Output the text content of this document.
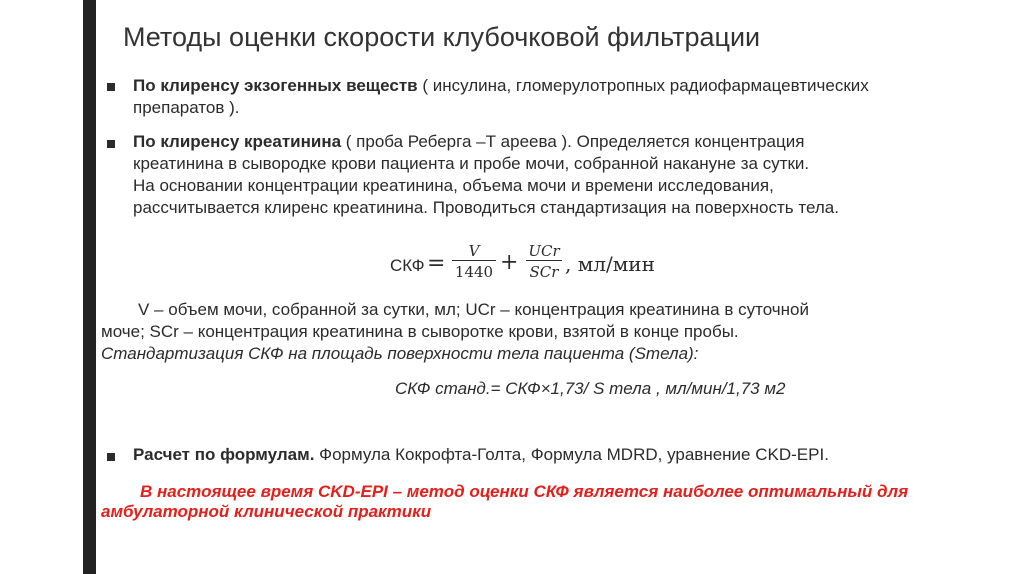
Методы оценки скорости клубочковой фильтрации
По клиренсу экзогенных веществ ( инсулина, гломерулотропных радиофармацевтических
препаратов ).
По клиренсу креатинина ( проба Реберга –Т ареева ). Определяется концентрация
креатинина в сывородке крови пациента и пробе мочи, собранной накануне за сутки.
На основании концентрации креатинина, объема мочи и времени исследования,
рассчитывается клиренс креатинина. Проводиться стандартизация на поверхность тела.
СКФ = $\frac{V}{1440}$ + UCr
SCr , мл/мин
V – объем мочи, собранной за сутки, мл; UCr – концентрация креатинина в суточной
моче; SCr – концентрация креатинина в сыворотке крови, взятой в конце пробы.
Стандартизация СКФ на площадь поверхности тела пациента (Sтела):
СКФ станд.= СКФ×1,73/ S тела , мл/мин/1,73 м2
Расчет по формулам. Формула Кокрофта-Голта, Формула MDRD, уравнение CKD-EPI.
В настоящее время CKD-EPI – метод оценки СКФ является наиболее оптимальный для
амбулаторной клинической практики
